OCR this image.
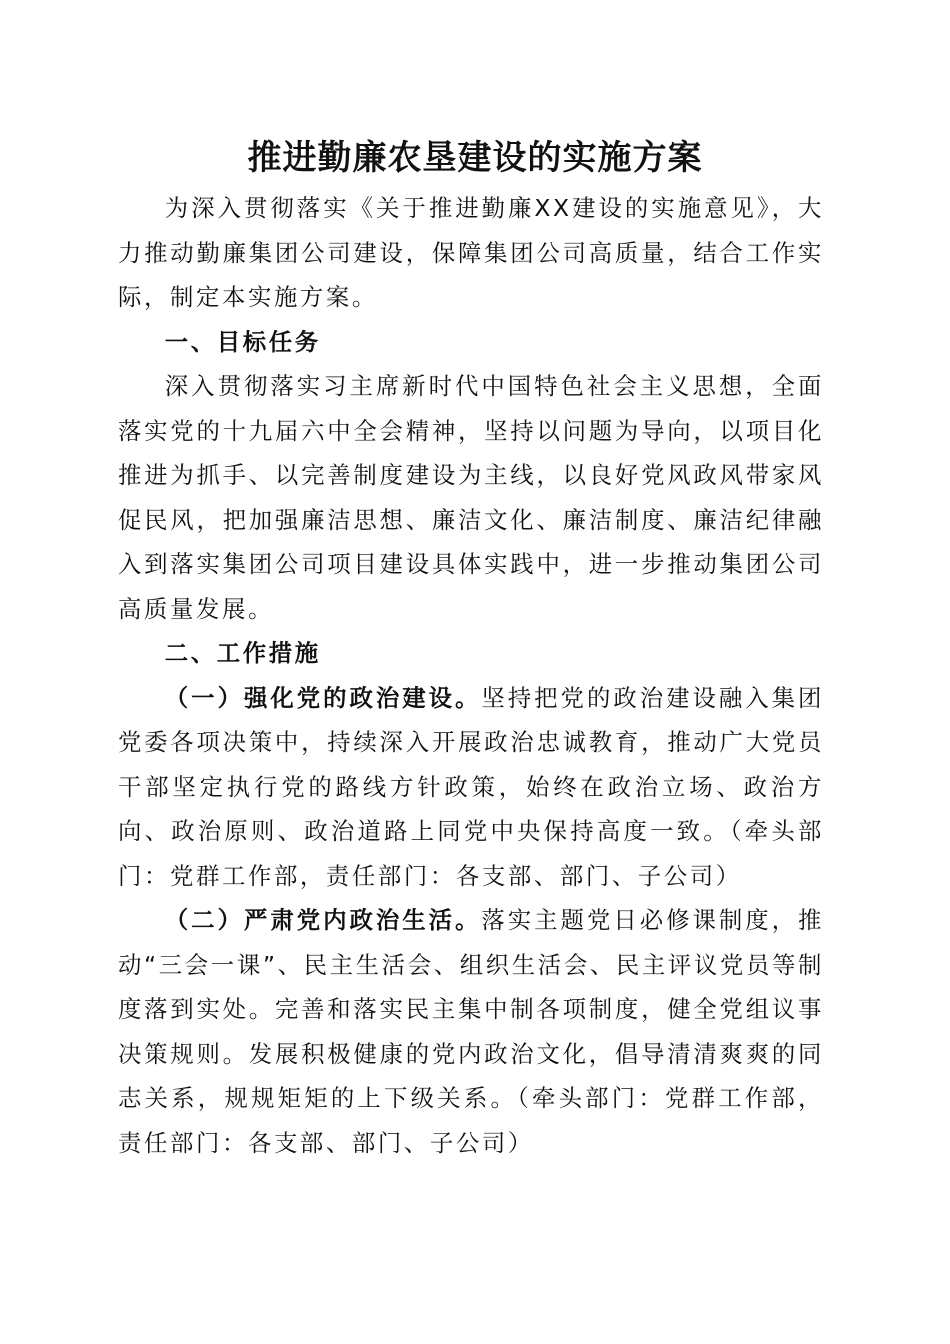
推进勤廉农垦建设的实施方案

为深入贯彻落实《关于推进勤廉XX建设的实施意见》，大力推动勤廉集团公司建设，保障集团公司高质量，结合工作实际，制定本实施方案。

一、目标任务

深入贯彻落实习主席新时代中国特色社会主义思想，全面落实党的十九届六中全会精神，坚持以问题为导向，以项目化推进为抓手、以完善制度建设为主线，以良好党风政风带家风促民风，把加强廉洁思想、廉洁文化、廉洁制度、廉洁纪律融入到落实集团公司项目建设具体实践中，进一步推动集团公司高质量发展。

二、工作措施

（一）强化党的政治建设。坚持把党的政治建设融入集团党委各项决策中，持续深入开展政治忠诚教育，推动广大党员干部坚定执行党的路线方针政策，始终在政治立场、政治方向、政治原则、政治道路上同党中央保持高度一致。（牵头部门：党群工作部，责任部门：各支部、部门、子公司）

（二）严肃党内政治生活。落实主题党日必修课制度，推动“三会一课”、民主生活会、组织生活会、民主评议党员等制度落到实处。完善和落实民主集中制各项制度，健全党组议事决策规则。发展积极健康的党内政治文化，倡导清清爽爽的同志关系，规规矩矩的上下级关系。（牵头部门：党群工作部，责任部门：各支部、部门、子公司）
